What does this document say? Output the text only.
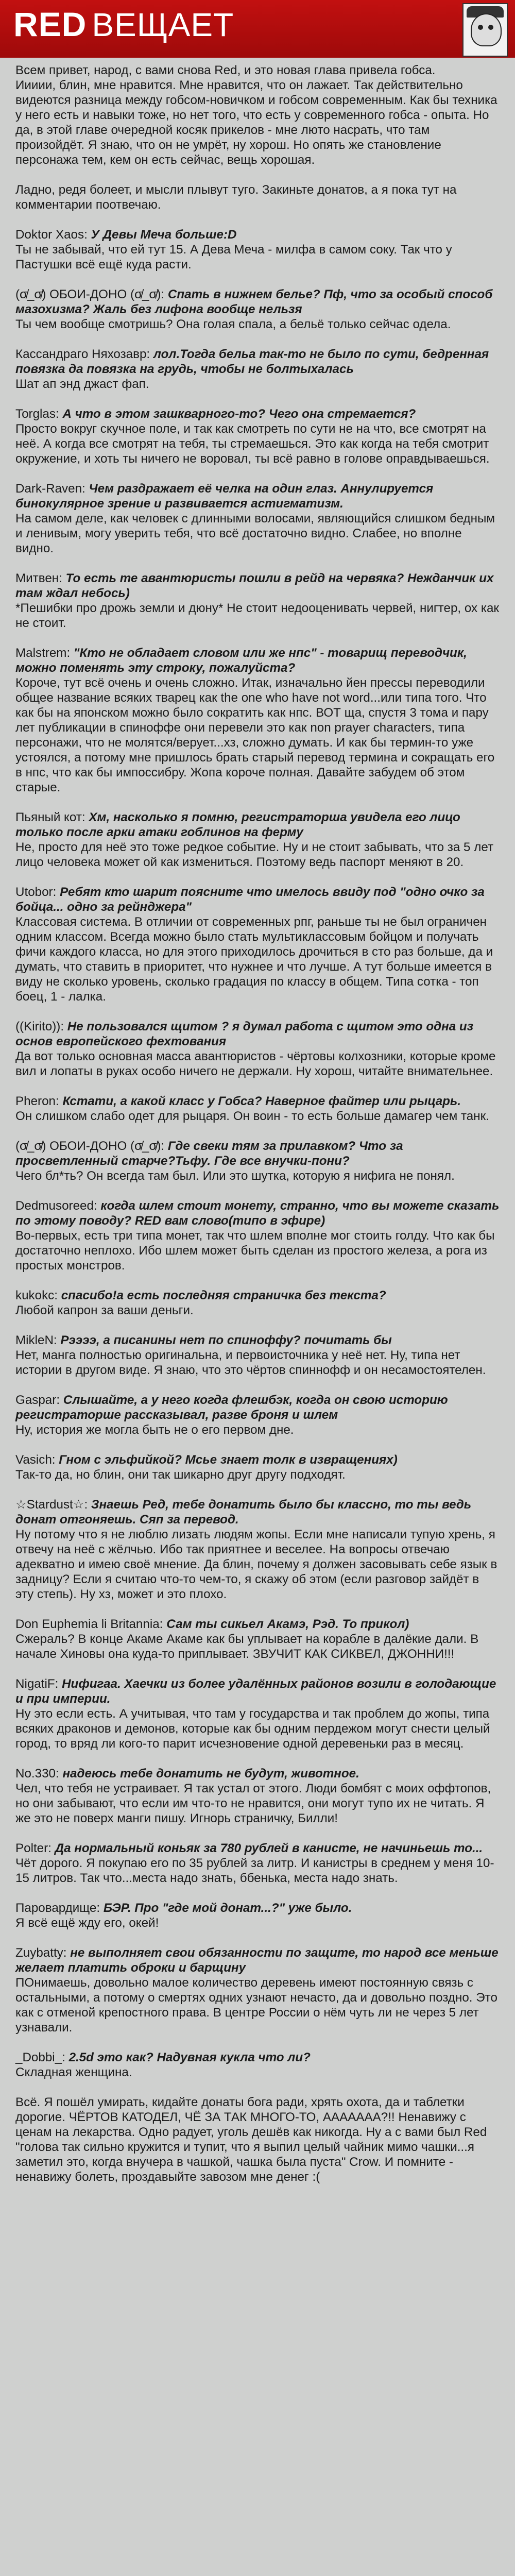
RED ВЕЩАЕТ
Всем привет, народ, с вами снова Red, и это новая глава привела гобса.
Иииии, блин, мне нравится. Мне нравится, что он лажает. Так действительно видеются разница между гобсом-новичком и гобсом современным. Как бы техника у него есть и навыки тоже, но нет того, что есть у современного гобса - опыта. Но да, в этой главе очередной косяк прикелов - мне люто насрать, что там произойдёт. Я знаю, что он не умрёт, ну хорош. Но опять же становление персонажа тем, кем он есть сейчас, вещь хорошая.
Ладно, редя болеет, и мысли плывут туго. Закиньте донатов, а я пока тут на комментарии поотвечаю.
Doktor Xaos: У Девы Меча больше:D
Ты не забывай, что ей тут 15. А Дева Меча - милфа в самом соку. Так что у Пастушки всё ещё куда расти.
(σ̸_σ̸) ОБОИ-ДОНО (σ̸_σ̸): Спать в нижнем белье? Пф, что за особый способ мазохизма? Жаль без лифона вообще нельзя
Ты чем вообще смотришь? Она голая спала, а бельё только сейчас одела.
Кассандраго Няхозавр: лол.Тогда бельа так-то не было по сути, бедренная повязка да повязка на грудь, чтобы не болтыхалась
Шат ап энд джаст фап.
Torglas: А что в этом зашкварного-то? Чего она стремается?
Просто вокруг скучное поле, и так как смотреть по сути не на что, все смотрят на неё. А когда все смотрят на тебя, ты стремаешься. Это как когда на тебя смотрит окружение, и хоть ты ничего не воровал, ты всё равно в голове оправдываешься.
Dark-Raven: Чем раздражает её челка на один глаз. Аннулируется бинокулярное зрение и развивается астигматизм.
На самом деле, как человек с длинными волосами, являющийся слишком бедным и ленивым, могу уверить тебя, что всё достаточно видно. Слабее, но вполне видно.
Митвен: То есть те авантюристы пошли в рейд на червяка? Нежданчик их там ждал небось)
*Пешибки про дрожь земли и дюну* Не стоит недооценивать червей, нигтер, ох как не стоит.
Malstrem: "Кто не обладает словом или же нпс" - товарищ переводчик, можно поменять эту строку, пожалуйста?
Короче, тут всё очень и очень сложно. Итак, изначально йен прессы переводили общее название всяких тварец как the one who have not word...или типа того. Что как бы на японском можно было сократить как нпс. ВОТ ща, спустя 3 тома и пару лет публикации в спиноффе они перевели это как non prayer characters, типа персонажи, что не молятся/верует...хз, сложно думать. И как бы термин-то уже устоялся, а потому мне пришлось брать старый перевод термина и сокращать его в нпс, что как бы импоссибру. Жопа короче полная. Давайте забудем об этом старые.
Пьяный кот: Хм, насколько я помню, регистраторша увидела его лицо только после арки атаки гоблинов на ферму
Не, просто для неё это тоже редкое событие. Ну и не стоит забывать, что за 5 лет лицо человека может ой как измениться. Поэтому ведь паспорт меняют в 20.
Utobor: Ребят кто шарит поясните что имелось ввиду под "одно очко за бойца... одно за рейнджера"
Классовая система. В отличии от современных рпг, раньше ты не был ограничен одним классом. Всегда можно было стать мультиклассовым бойцом и получать фичи каждого класса, но для этого приходилось дрочиться в сто раз больше, да и думать, что ставить в приоритет, что нужнее и что лучше. А тут больше имеется в виду не сколько уровень, сколько градация по классу в общем. Типа сотка - топ боец, 1 - лалка.
((Kirito)): Не пользовался щитом ? я думал работа с щитом это одна из основ европейского фехтования
Да вот только основная масса авантюристов - чёртовы колхозники, которые кроме вил и лопаты в руках особо ничего не держали. Ну хорош, читайте внимательнее.
Pheron: Кстати, а какой класс у Гобса? Наверное файтер или рыцарь.
Он слишком слабо одет для рыцаря. Он воин - то есть больше дамагер чем танк.
(σ̸_σ̸) ОБОИ-ДОНО (σ̸_σ̸): Где свеки тям за прилавком? Что за просветленный старче?Тьфу. Где все внучки-пони?
Чего бл*ть? Он всегда там был. Или это шутка, которую я нифига не понял.
Dedmusoreed: когда шлем стоит монету, странно, что вы можете сказать по этому поводу? RED вам слово(типо в эфире)
Во-первых, есть три типа монет, так что шлем вполне мог стоить голду. Что как бы достаточно неплохо. Ибо шлем может быть сделан из простого железа, а рога из простых монстров.
kukokc: спасибо!а есть последняя страничка без текста?
Любой капрон за ваши деньги.
MikleN: Рээээ, а писанины нет по спиноффу? почитать бы
Нет, манга полностью оригинальна, и первоисточника у неё нет. Ну, типа нет истории в другом виде. Я знаю, что это чёртов спиннофф и он несамостоятелен.
Gaspar: Слышайте, а у него когда флешбэк, когда он свою историю регистраторше рассказывал, разве броня и шлем
Ну, история же могла быть не о его первом дне.
Vasich: Гном с эльфийкой? Мсье знает толк в извращениях)
Так-то да, но блин, они так шикарно друг другу подходят.
☆Stardust☆: Знаешь Ред, тебе донатить было бы классно, то ты ведь донат отгоняешь. Сяп за перевод.
Ну потому что я не люблю лизать людям жопы. Если мне написали тупую хрень, я отвечу на неё с жёлчью. Ибо так приятнее и веселее. На вопросы отвечаю адекватно и имею своё мнение. Да блин, почему я должен засовывать себе язык в задницу? Если я считаю что-то чем-то, я скажу об этом (если разговор зайдёт в эту степь). Ну хз, может и это плохо.
Don Euphemia li Britannia: Сам ты сикьел Акамэ, Рэд. То прикол)
Сжераль? В конце Акаме Акаме как бы уплывает на корабле в далёкие дали. В начале Хиновы она куда-то приплывает. ЗВУЧИТ КАК СИКВЕЛ, ДЖОННИ!!!
NigatiF: Нифигаа. Хаечки из более удалённых районов возили в голодающие и при империи.
Ну это если есть. А учитывая, что там у государства и так проблем до жопы, типа всяких драконов и демонов, которые как бы одним пердежом могут снести целый город, то вряд ли кого-то парит исчезновение одной деревеньки раз в месяц.
No.330: надеюсь тебе донатить не будут, животное.
Чел, что тебя не устраивает. Я так устал от этого. Люди бомбят с моих оффтопов, но они забывают, что если им что-то не нравится, они могут тупо их не читать. Я же это не поверх манги пишу. Игнорь страничку, Билли!
Polter: Да нормальный коньяк за 780 рублей в канисте, не начиньешь то...
Чёт дорого. Я покупаю его по 35 рублей за литр. И канистры в среднем у меня 10-15 литров. Так что...места надо знать, ббенька, места надо знать.
Паровардище: БЭР. Про "где мой донат...?" уже было.
Я всё ещё жду его, окей!
Zuybatty: не выполняет свои обязанности по защите, то народ все меньше желает платить оброки и барщину
ПОнимаешь, довольно малое количество деревень имеют постоянную связь с остальными, а потому о смертях одних узнают нечасто, да и довольно поздно. Это как с отменой крепостного права. В центре России о нём чуть ли не через 5 лет узнавали.
_Dobbi_: 2.5d это как? Надувная кукла что ли?
Складная женщина.
Всё. Я пошёл умирать, кидайте донаты бога ради, хрять охота, да и таблетки дорогие. ЧЁРТОВ КАТОДЕЛ, ЧЁ ЗА ТАК МНОГО-ТО, ААААААА?!! Ненавижу с ценам на лекарства. Одно радует, уголь дешёв как никогда. Ну а с вами был Red "голова так сильно кружится и тупит, что я выпил целый чайник мимо чашки...я заметил это, когда внучера в чашкой, чашка была пуста" Crow. И помните - ненавижу болеть, проздавыйте завозом мне денег :(
